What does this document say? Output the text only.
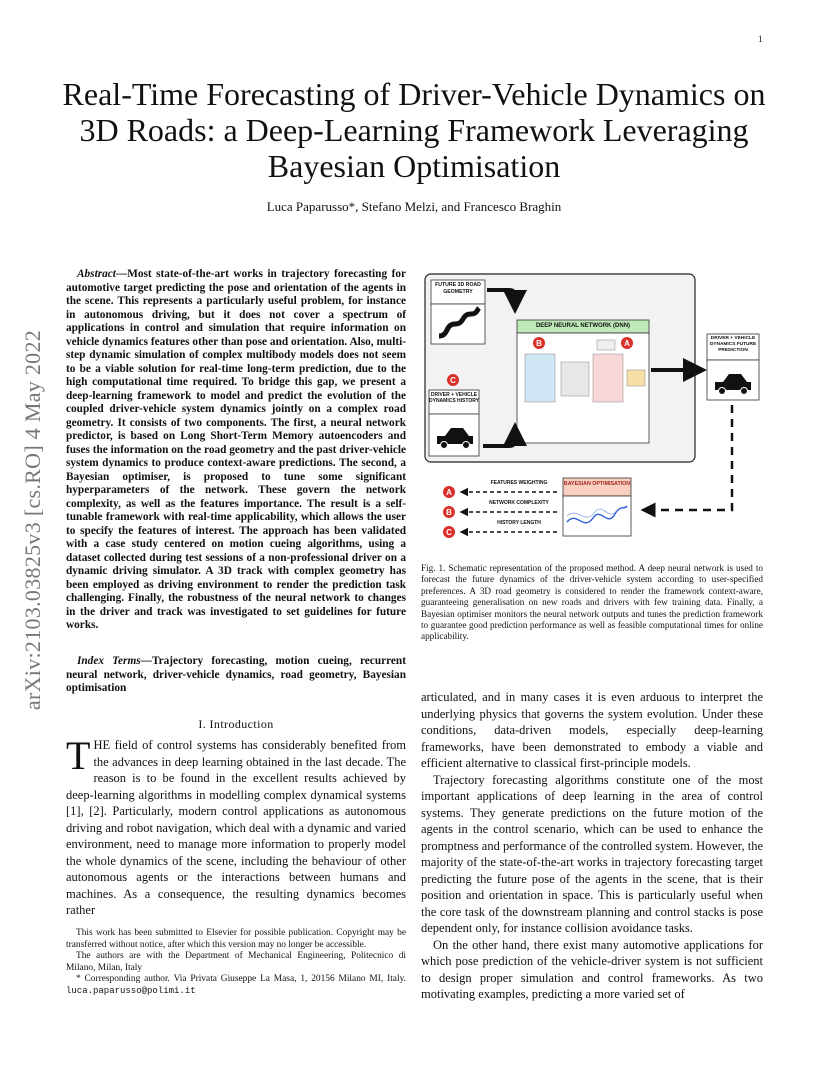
1
arXiv:2103.03825v3 [cs.RO] 4 May 2022
Real-Time Forecasting of Driver-Vehicle Dynamics on 3D Roads: a Deep-Learning Framework Leveraging Bayesian Optimisation
Luca Paparusso*, Stefano Melzi, and Francesco Braghin
Abstract—Most state-of-the-art works in trajectory forecasting for automotive target predicting the pose and orientation of the agents in the scene. This represents a particularly useful problem, for instance in autonomous driving, but it does not cover a spectrum of applications in control and simulation that require information on vehicle dynamics features other than pose and orientation. Also, multi-step dynamic simulation of complex multibody models does not seem to be a viable solution for real-time long-term prediction, due to the high computational time required. To bridge this gap, we present a deep-learning framework to model and predict the evolution of the coupled driver-vehicle system dynamics jointly on a complex road geometry. It consists of two components. The first, a neural network predictor, is based on Long Short-Term Memory autoencoders and fuses the information on the road geometry and the past driver-vehicle system dynamics to produce context-aware predictions. The second, a Bayesian optimiser, is proposed to tune some significant hyperparameters of the network. These govern the network complexity, as well as the features importance. The result is a self-tunable framework with real-time applicability, which allows the user to specify the features of interest. The approach has been validated with a case study centered on motion cueing algorithms, using a dataset collected during test sessions of a non-professional driver on a dynamic driving simulator. A 3D track with complex geometry has been employed as driving environment to render the prediction task challenging. Finally, the robustness of the neural network to changes in the driver and track was investigated to set guidelines for future works.
Index Terms—Trajectory forecasting, motion cueing, recurrent neural network, driver-vehicle dynamics, road geometry, Bayesian optimisation
I. Introduction
THE field of control systems has considerably benefited from the advances in deep learning obtained in the last decade. The reason is to be found in the excellent results achieved by deep-learning algorithms in modelling complex dynamical systems [1], [2]. Particularly, modern control applications as autonomous driving and robot navigation, which deal with a dynamic and varied environment, need to manage more information to properly model the whole dynamics of the scene, including the behaviour of other autonomous agents or the interactions between humans and machines. As a consequence, the resulting dynamics becomes rather

This work has been submitted to Elsevier for possible publication. Copyright may be transferred without notice, after which this version may no longer be accessible.

The authors are with the Department of Mechanical Engineering, Politecnico di Milano, Milan, Italy

* Corresponding author. Via Privata Giuseppe La Masa, 1, 20156 Milano MI, Italy. luca.paparusso@polimi.it

FUTURE 3D ROAD GEOMETRY
DEEP NEURAL NETWORK (DNN)
B	A
C
DRIVER + VEHICLE DYNAMICS HISTORY
DRIVER + VEHICLE DYNAMICS FUTURE PREDICTION
BAYESIAN OPTIMISATION
FEATURES WEIGHTING
A
NETWORK COMPLEXITY
B
HISTORY LENGTH
C
Fig. 1. Schematic representation of the proposed method. A deep neural network is used to forecast the future dynamics of the driver-vehicle system according to user-specified preferences. A 3D road geometry is considered to render the framework context-aware, guaranteeing generalisation on new roads and drivers with few training data. Finally, a Bayesian optimiser monitors the neural network outputs and tunes the prediction framework to guarantee good prediction performance as well as feasible computational times for online applicability.

articulated, and in many cases it is even arduous to interpret the underlying physics that governs the system evolution. Under these conditions, data-driven models, especially deep-learning frameworks, have been demonstrated to embody a viable and efficient alternative to classical first-principle models.

Trajectory forecasting algorithms constitute one of the most important applications of deep learning in the area of control systems. They generate predictions on the future motion of the agents in the control scenario, which can be used to enhance the promptness and performance of the controlled system. However, the majority of the state-of-the-art works in trajectory forecasting target predicting the future pose of the agents in the scene, that is their position and orientation in space. This is particularly useful when the core task of the downstream planning and control stacks is pose dependent only, for instance collision avoidance tasks.

On the other hand, there exist many automotive applications for which pose prediction of the vehicle-driver system is not sufficient to design proper simulation and control frameworks. As two motivating examples, predicting a more varied set of
